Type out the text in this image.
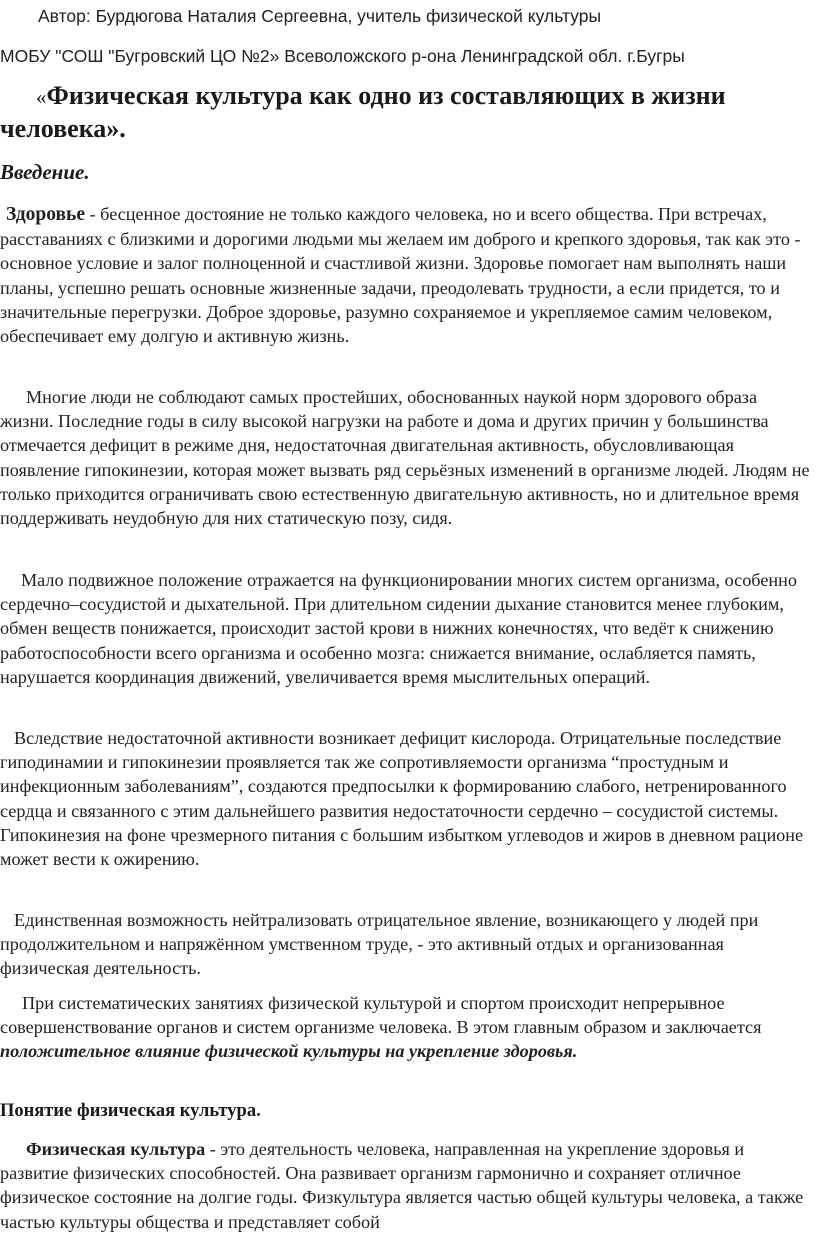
Автор: Бурдюгова Наталия Сергеевна, учитель физической культуры
МОБУ "СОШ "Бугровский ЦО №2» Всеволожского р-она Ленинградской обл. г.Бугры
«Физическая культура как одно из составляющих в жизни человека».
Введение.

Здоровье - бесценное достояние не только каждого человека, но и всего общества. При встречах, расставаниях с близкими и дорогими людьми мы желаем им доброго и крепкого здоровья, так как это - основное условие и залог полноценной и счастливой жизни. Здоровье помогает нам выполнять наши планы, успешно решать основные жизненные задачи, преодолевать трудности, а если придется, то и значительные перегрузки. Доброе здоровье, разумно сохраняемое и укрепляемое самим человеком, обеспечивает ему долгую и активную жизнь.

Многие люди не соблюдают самых простейших, обоснованных наукой норм здорового образа жизни. Последние годы в силу высокой нагрузки на работе и дома и других причин у большинства отмечается дефицит в режиме дня, недостаточная двигательная активность, обусловливающая появление гипокинезии, которая может вызвать ряд серьёзных изменений в организме людей. Людям не только приходится ограничивать свою естественную двигательную активность, но и длительное время поддерживать неудобную для них статическую позу, сидя.

Мало подвижное положение отражается на функционировании многих систем организма, особенно сердечно–сосудистой и дыхательной. При длительном сидении дыхание становится менее глубоким, обмен веществ понижается, происходит застой крови в нижних конечностях, что ведёт к снижению работоспособности всего организма и особенно мозга: снижается внимание, ослабляется память, нарушается координация движений, увеличивается время мыслительных операций.

Вследствие недостаточной активности возникает дефицит кислорода. Отрицательные последствие гиподинамии и гипокинезии проявляется так же сопротивляемости организма “простудным и инфекционным заболеваниям”, создаются предпосылки к формированию слабого, нетренированного сердца и связанного с этим дальнейшего развития недостаточности сердечно – сосудистой системы. Гипокинезия на фоне чрезмерного питания с большим избытком углеводов и жиров в дневном рационе может вести к ожирению.

Единственная возможность нейтрализовать отрицательное явление, возникающего у людей при продолжительном и напряжённом умственном труде, - это активный отдых и организованная физическая деятельность.

При систематических занятиях физической культурой и спортом происходит непрерывное совершенствование органов и систем организме человека. В этом главным образом и заключается положительное влияние физической культуры на укрепление здоровья.

Понятие физическая культура.

Физическая культура - это деятельность человека, направленная на укрепление здоровья и развитие физических способностей. Она развивает организм гармонично и сохраняет отличное физическое состояние на долгие годы. Физкультура является частью общей культуры человека, а также частью культуры общества и представляет собой
